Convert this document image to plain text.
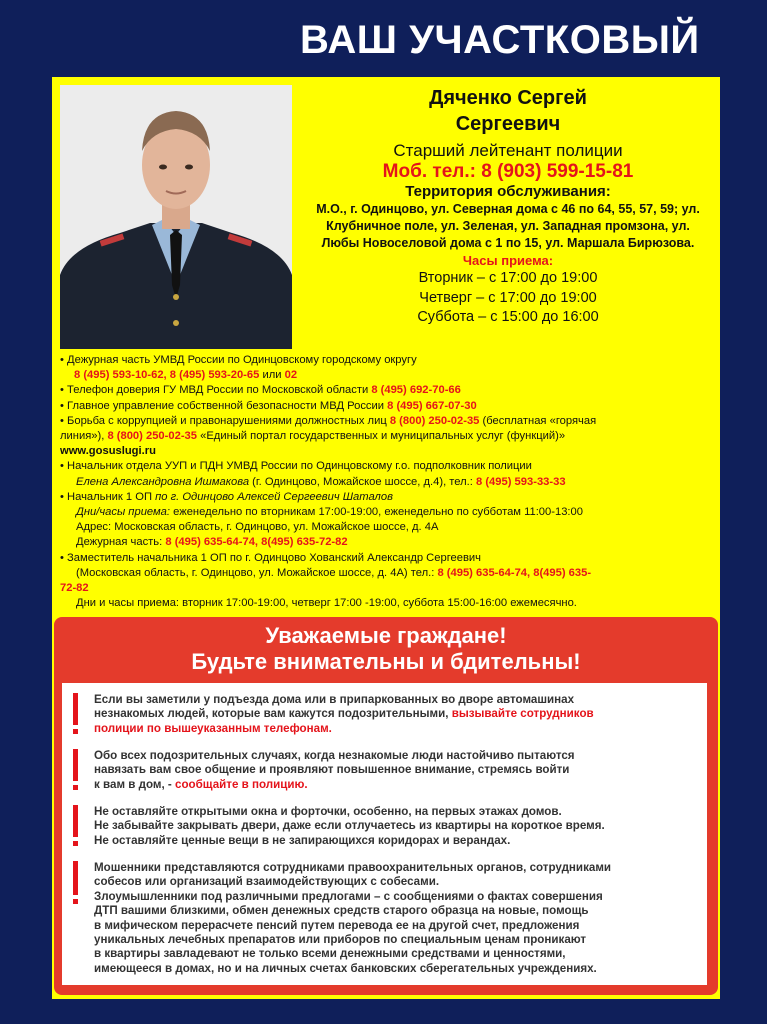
ВАШ УЧАСТКОВЫЙ
Дяченко Сергей
Сергеевич
Старший лейтенант полиции
Моб. тел.: 8 (903) 599-15-81
Территория обслуживания:
М.О., г. Одинцово, ул. Северная дома с 46 по 64, 55, 57, 59; ул. Клубничное поле, ул. Зеленая, ул. Западная промзона, ул. Любы Новоселовой дома с 1 по 15, ул. Маршала Бирюзова.
Часы приема:
Вторник – с 17:00 до 19:00
Четверг – с 17:00 до 19:00
Суббота – с 15:00 до 16:00
• Дежурная часть УМВД России по Одинцовскому городскому округу
8 (495) 593-10-62, 8 (495) 593-20-65 или 02
• Телефон доверия ГУ МВД России по Московской области 8 (495) 692-70-66
• Главное управление собственной безопасности МВД России 8 (495) 667-07-30
• Борьба с коррупцией и правонарушениями должностных лиц 8 (800) 250-02-35 (бесплатная «горячая
линия»), 8 (800) 250-02-35 «Единый портал государственных и муниципальных услуг (функций)»
www.gosuslugi.ru
• Начальник отдела УУП и ПДН УМВД России по Одинцовскому г.о. подполковник полиции
Елена Александровна Ишмакова (г. Одинцово, Можайское шоссе, д.4), тел.: 8 (495) 593-33-33
• Начальник 1 ОП по г. Одинцово Алексей Сергеевич Шаталов
Дни/часы приема: еженедельно по вторникам 17:00-19:00, еженедельно по субботам 11:00-13:00
Адрес: Московская область, г. Одинцово, ул. Можайское шоссе, д. 4А
Дежурная часть: 8 (495) 635-64-74, 8(495) 635-72-82
• Заместитель начальника 1 ОП по г. Одинцово Хованский Александр Сергеевич
(Московская область, г. Одинцово, ул. Можайское шоссе, д. 4А) тел.: 8 (495) 635-64-74, 8(495) 635-
72-82
Дни и часы приема: вторник 17:00-19:00, четверг 17:00 -19:00, суббота 15:00-16:00 ежемесячно.
Уважаемые граждане!
Будьте внимательны и бдительны!
Если вы заметили у подъезда дома или в припаркованных во дворе автомашинах
незнакомых людей, которые вам кажутся подозрительными, вызывайте сотрудников
полиции по вышеуказанным телефонам.
Обо всех подозрительных случаях, когда незнакомые люди настойчиво пытаются
навязать вам свое общение и проявляют повышенное внимание, стремясь войти
к вам в дом, - сообщайте в полицию.
Не оставляйте открытыми окна и форточки, особенно, на первых этажах домов.
Не забывайте закрывать двери, даже если отлучаетесь из квартиры на короткое время.
Не оставляйте ценные вещи в не запирающихся коридорах и верандах.
Мошенники представляются сотрудниками правоохранительных органов, сотрудниками
собесов или организаций взаимодействующих с собесами.
Злоумышленники под различными предлогами – с сообщениями о фактах совершения
ДТП вашими близкими, обмен денежных средств старого образца на новые, помощь
в мифическом перерасчете пенсий путем перевода ее на другой счет, предложения
уникальных лечебных препаратов или приборов по специальным ценам проникают
в квартиры завладевают не только всеми денежными средствами и ценностями,
имеющееся в домах, но и на личных счетах банковских сберегательных учреждениях.
